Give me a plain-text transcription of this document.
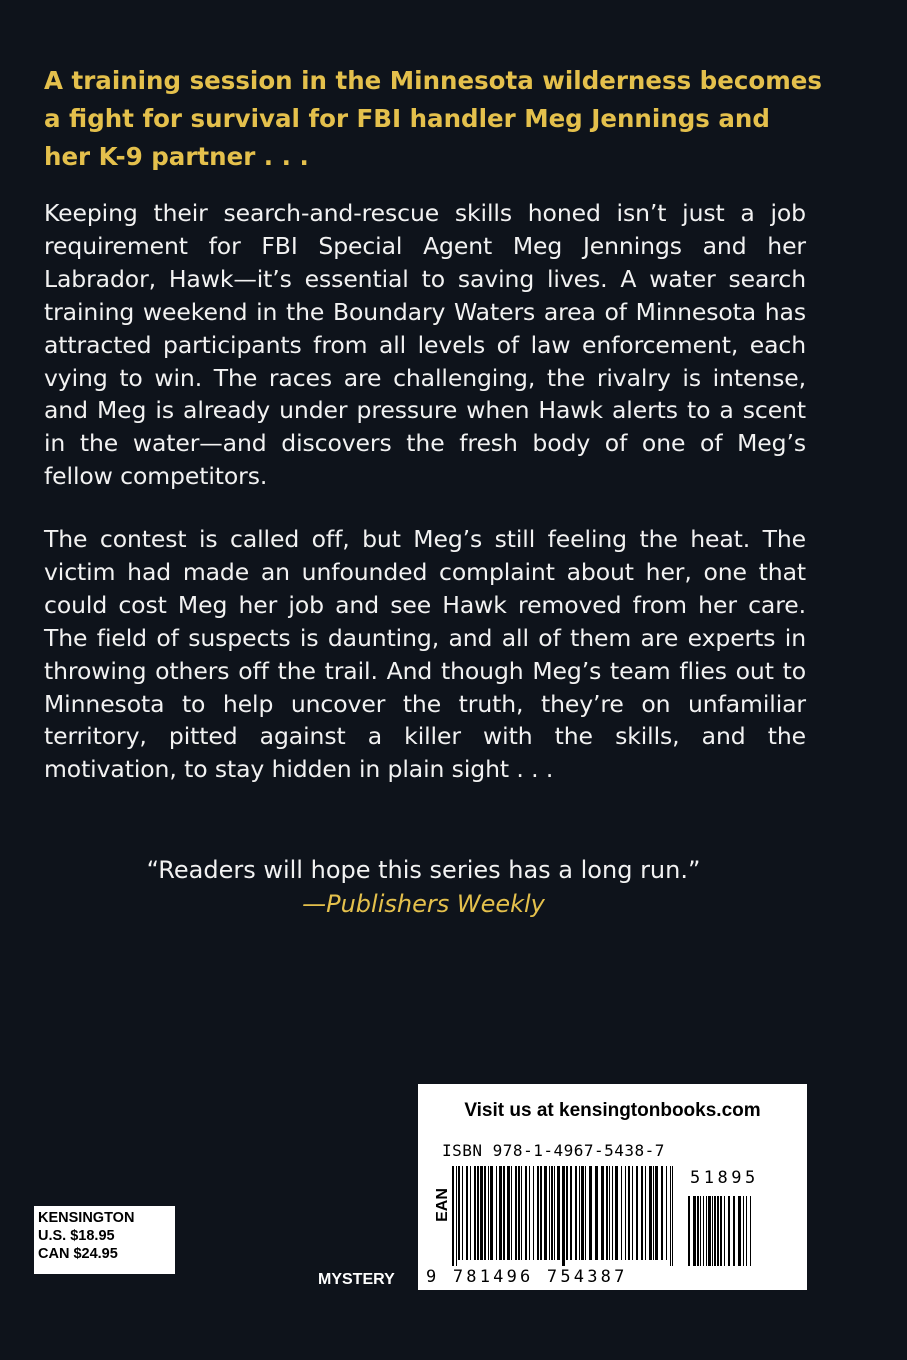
A training session in the Minnesota wilderness becomes a fight for survival for FBI handler Meg Jennings and her K-9 partner . . .

Keeping their search-and-rescue skills honed isn’t just a job requirement for FBI Special Agent Meg Jennings and her Labrador, Hawk—it’s essential to saving lives. A water search training weekend in the Boundary Waters area of Minnesota has attracted participants from all levels of law enforcement, each vying to win. The races are challenging, the rivalry is intense, and Meg is already under pressure when Hawk alerts to a scent in the water—and discovers the fresh body of one of Meg’s fellow competitors.

The contest is called off, but Meg’s still feeling the heat. The victim had made an unfounded complaint about her, one that could cost Meg her job and see Hawk removed from her care. The field of suspects is daunting, and all of them are experts in throwing others off the trail. And though Meg’s team flies out to Minnesota to help uncover the truth, they’re on unfamiliar territory, pitted against a killer with the skills, and the motivation, to stay hidden in plain sight . . .

“Readers will hope this series has a long run.”
—Publishers Weekly
KENSINGTON
U.S. $18.95
CAN $24.95
MYSTERY
Visit us at kensingtonbooks.com
ISBN 978-1-4967-5438-7
EAN
9 781496 754387
51895
